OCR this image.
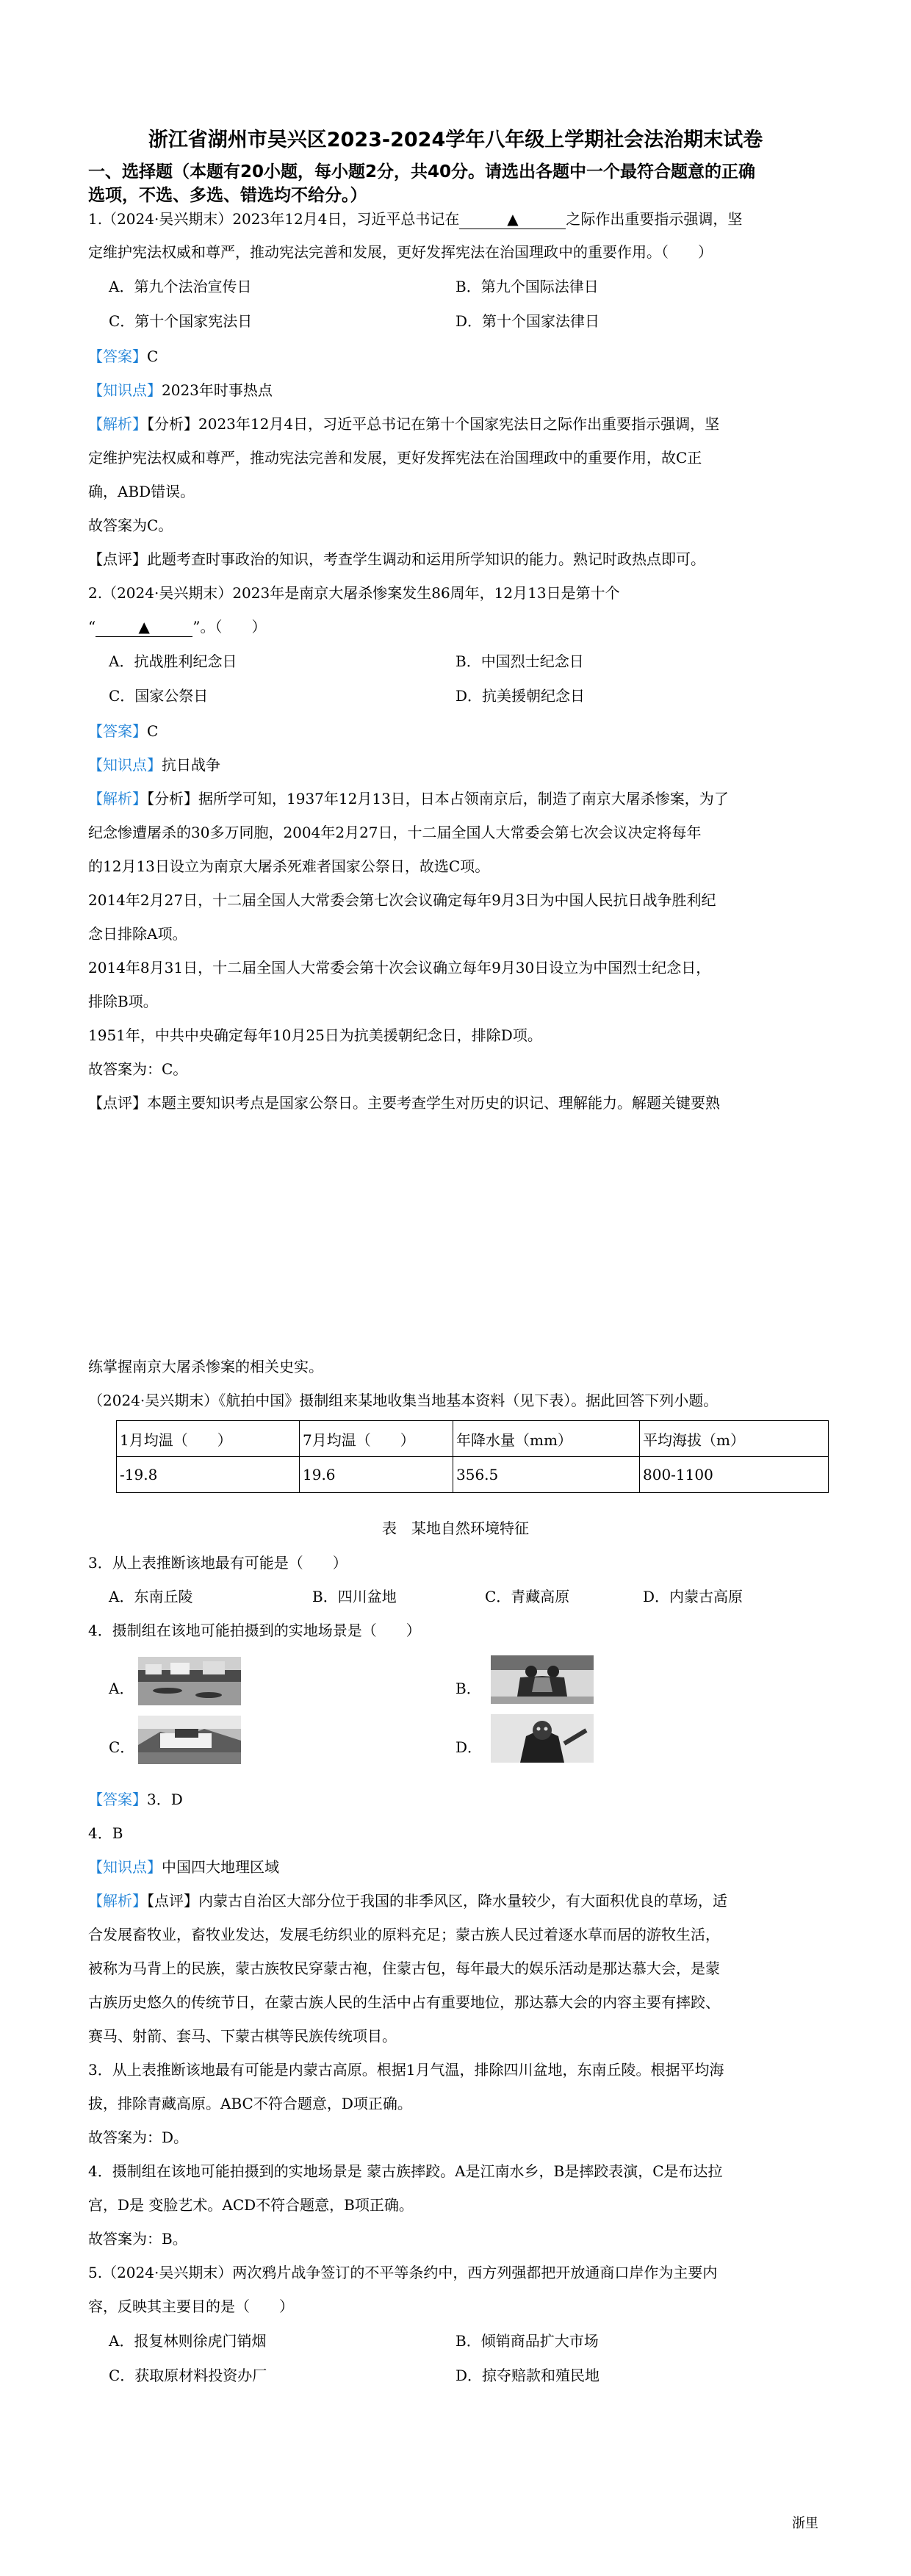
浙江省湖州市吴兴区2023-2024学年八年级上学期社会法治期末试卷
一、选择题（本题有20小题，每小题2分，共40分。请选出各题中一个最符合题意的正确
选项，不选、多选、错选均不给分。）
1.（2024·吴兴期末）2023年12月4日，习近平总书记在	▲	之际作出重要指示强调，坚
定维护宪法权威和尊严，推动宪法完善和发展，更好发挥宪法在治国理政中的重要作用。（　　）
A．第九个法治宣传日	B．第九个国际法律日
C．第十个国家宪法日	D．第十个国家法律日
【答案】C
【知识点】2023年时事热点
【解析】【分析】2023年12月4日，习近平总书记在第十个国家宪法日之际作出重要指示强调，坚
定维护宪法权威和尊严，推动宪法完善和发展，更好发挥宪法在治国理政中的重要作用，故C正
确，ABD错误。
故答案为C。
【点评】此题考查时事政治的知识，考查学生调动和运用所学知识的能力。熟记时政热点即可。
2.（2024·吴兴期末）2023年是南京大屠杀惨案发生86周年，12月13日是第十个
“	▲	”。（　　）
A．抗战胜利纪念日	B．中国烈士纪念日
C．国家公祭日	D．抗美援朝纪念日
【答案】C
【知识点】抗日战争
【解析】【分析】据所学可知，1937年12月13日，日本占领南京后，制造了南京大屠杀惨案，为了
纪念惨遭屠杀的30多万同胞，2004年2月27日，十二届全国人大常委会第七次会议决定将每年
的12月13日设立为南京大屠杀死难者国家公祭日，故选C项。
2014年2月27日，十二届全国人大常委会第七次会议确定每年9月3日为中国人民抗日战争胜利纪
念日排除A项。
2014年8月31日，十二届全国人大常委会第十次会议确立每年9月30日设立为中国烈士纪念日，
排除B项。
1951年，中共中央确定每年10月25日为抗美援朝纪念日，排除D项。
故答案为：C。
【点评】本题主要知识考点是国家公祭日。主要考查学生对历史的识记、理解能力。解题关键要熟
练掌握南京大屠杀惨案的相关史实。
（2024·吴兴期末）《航拍中国》摄制组来某地收集当地基本资料（见下表）。据此回答下列小题。
1月均温（　　）	7月均温（　　）	年降水量（mm）	平均海拔（m）
-19.8	19.6	356.5	800-1100
表　某地自然环境特征
3．从上表推断该地最有可能是（　　）
A．东南丘陵	B．四川盆地	C．青藏高原	D．内蒙古高原
4．摄制组在该地可能拍摄到的实地场景是（　　）
A．	B．
C．	D．
【答案】3．D
4．B
【知识点】中国四大地理区域
【解析】【点评】内蒙古自治区大部分位于我国的非季风区，降水量较少，有大面积优良的草场，适
合发展畜牧业，畜牧业发达，发展毛纺织业的原料充足；蒙古族人民过着逐水草而居的游牧生活，
被称为马背上的民族，蒙古族牧民穿蒙古袍，住蒙古包，每年最大的娱乐活动是那达慕大会，是蒙
古族历史悠久的传统节日，在蒙古族人民的生活中占有重要地位，那达慕大会的内容主要有摔跤、
赛马、射箭、套马、下蒙古棋等民族传统项目。
3．从上表推断该地最有可能是内蒙古高原。根据1月气温，排除四川盆地，东南丘陵。根据平均海
拔，排除青藏高原。ABC不符合题意，D项正确。
故答案为：D。
4．摄制组在该地可能拍摄到的实地场景是 蒙古族摔跤。A是江南水乡，B是摔跤表演，C是布达拉
宫，D是 变脸艺术。ACD不符合题意，B项正确。
故答案为：B。
5.（2024·吴兴期末）两次鸦片战争签订的不平等条约中，西方列强都把开放通商口岸作为主要内
容，反映其主要目的是（　　）
A．报复林则徐虎门销烟	B．倾销商品扩大市场
C．获取原材料投资办厂	D．掠夺赔款和殖民地
浙里
